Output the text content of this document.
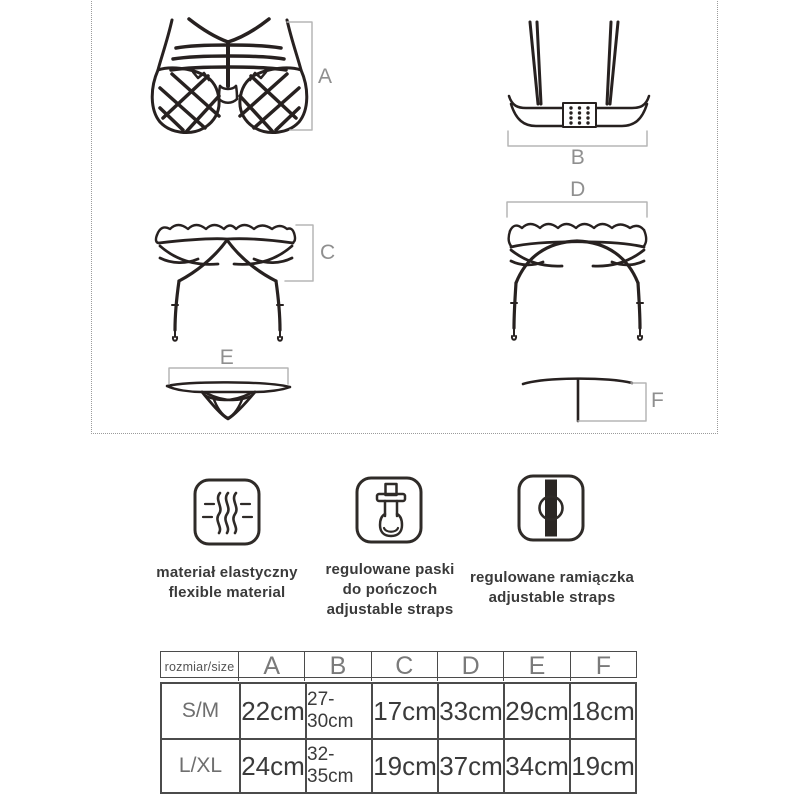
A
B
C
D
E
F
materiał elastyczny
flexible material
regulowane paski
do pończoch
adjustable straps
regulowane ramiączka
adjustable straps
rozmiar/size	A	B	C	D	E	F
S/M 22cm 27-30cm 17cm 33cm 29cm 18cm
L/XL 24cm 32-35cm 19cm 37cm 34cm 19cm
